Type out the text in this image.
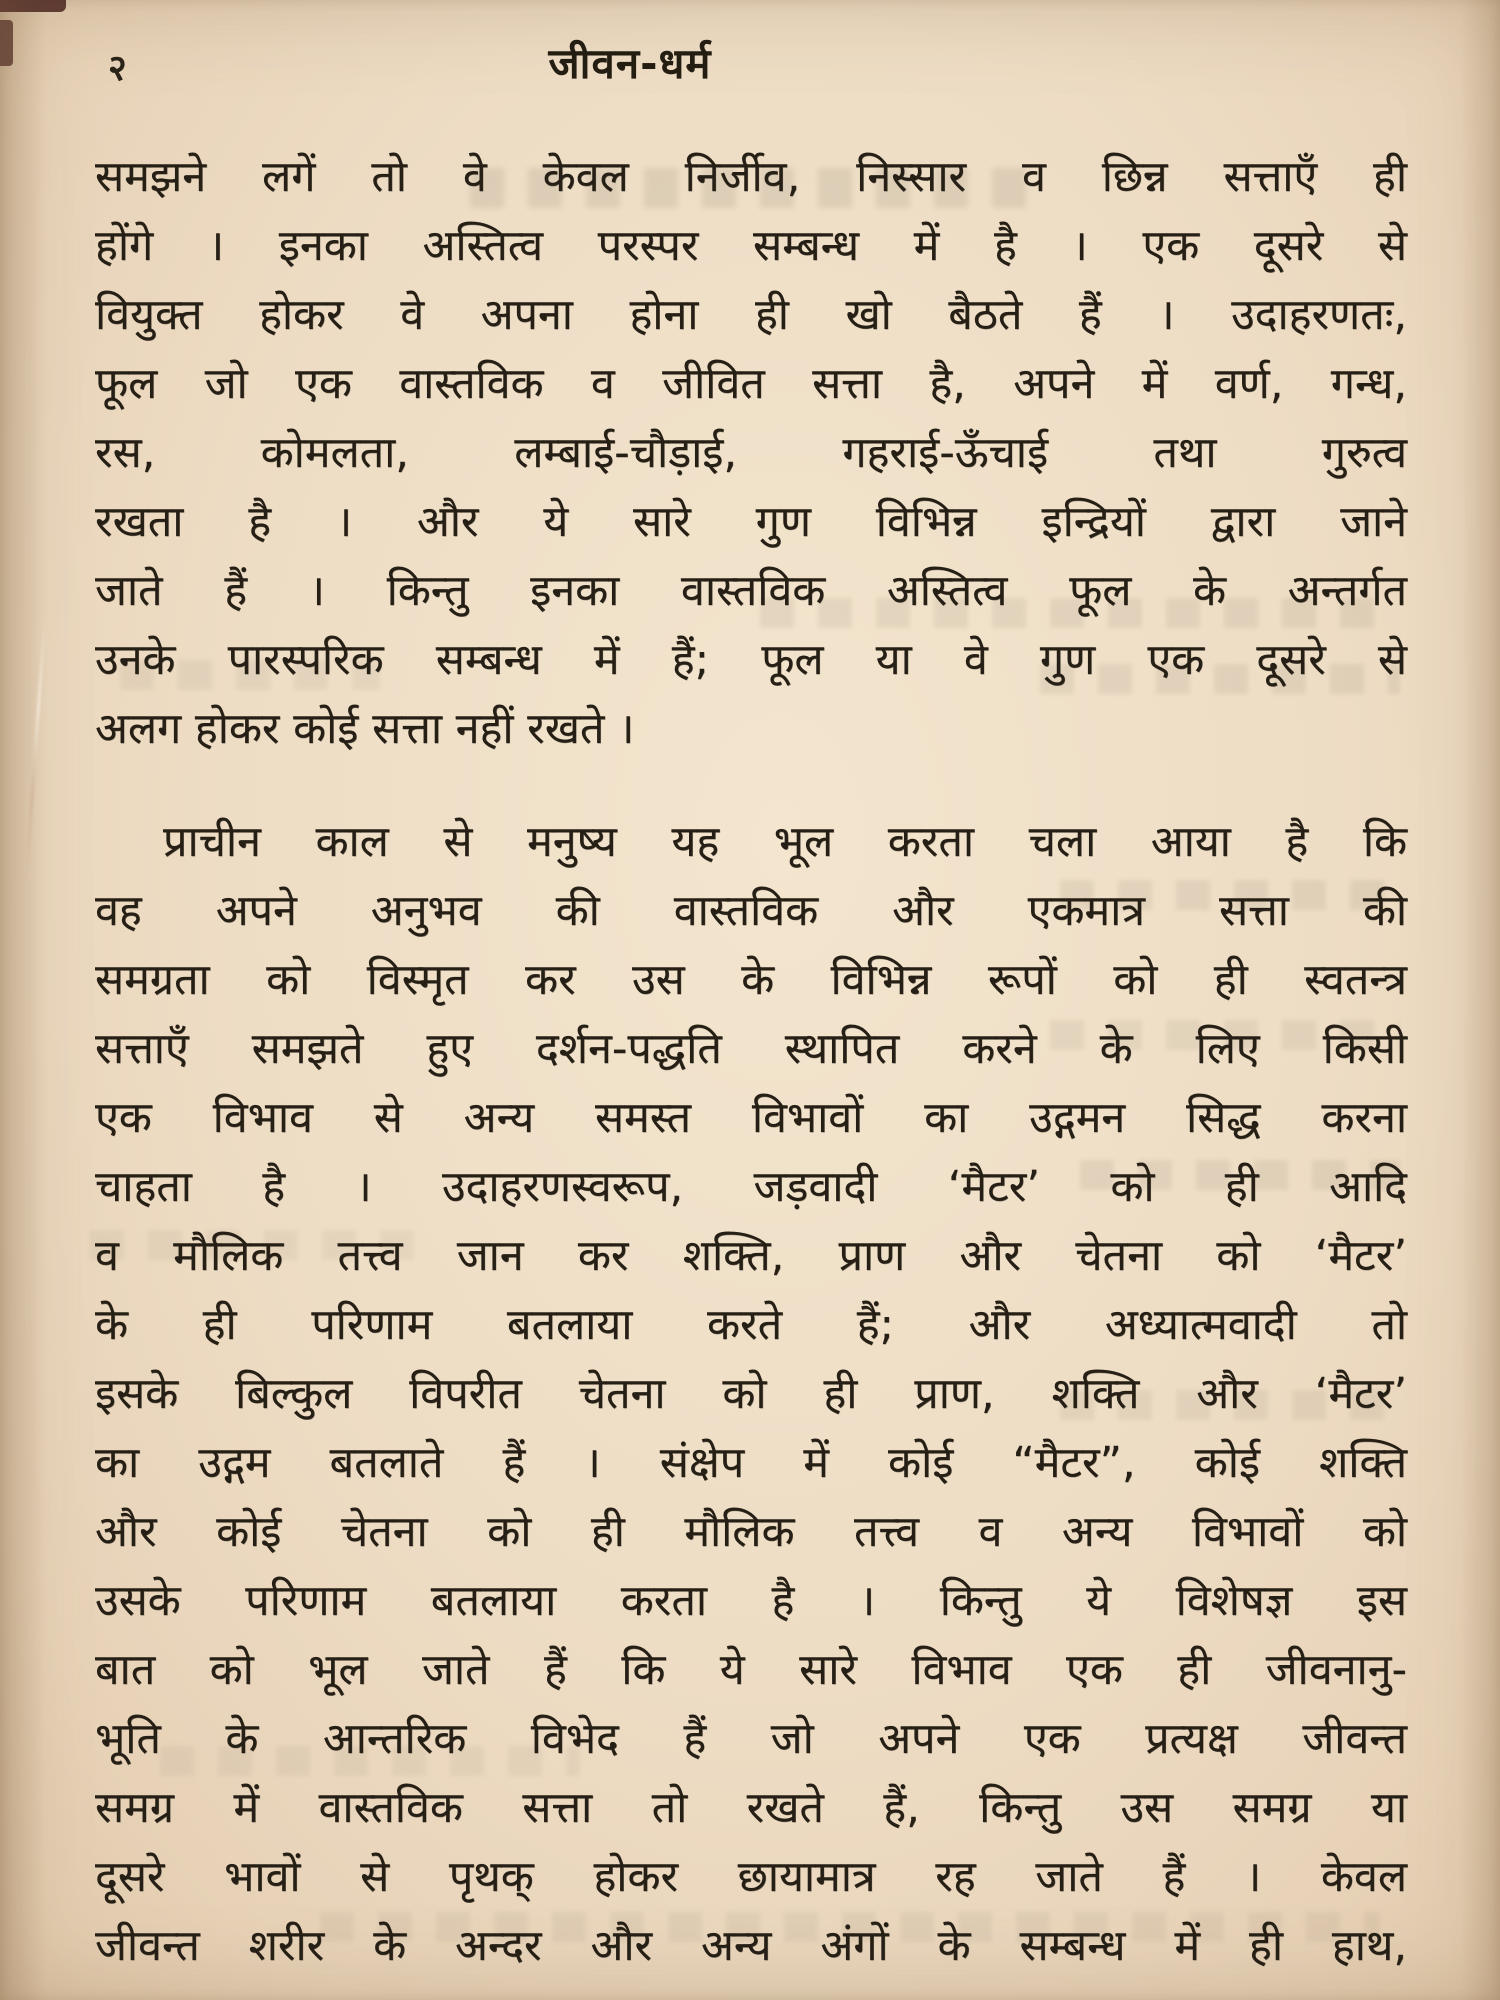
२	जीवन-धर्म
समझने लगें तो वे केवल निर्जीव, निस्सार व छिन्न सत्ताएँ ही
होंगे । इनका अस्तित्व परस्पर सम्बन्ध में है । एक दूसरे से
वियुक्त होकर वे अपना होना ही खो बैठते हैं । उदाहरणतः,
फूल जो एक वास्तविक व जीवित सत्ता है, अपने में वर्ण, गन्ध,
रस, कोमलता, लम्बाई-चौड़ाई, गहराई-ऊँचाई तथा गुरुत्व
रखता है । और ये सारे गुण विभिन्न इन्द्रियों द्वारा जाने
जाते हैं । किन्तु इनका वास्तविक अस्तित्व फूल के अन्तर्गत
उनके पारस्परिक सम्बन्ध में हैं; फूल या वे गुण एक दूसरे से
अलग होकर कोई सत्ता नहीं रखते ।
प्राचीन काल से मनुष्य यह भूल करता चला आया है कि
वह अपने अनुभव की वास्तविक और एकमात्र सत्ता की
समग्रता को विस्मृत कर उस के विभिन्न रूपों को ही स्वतन्त्र
सत्ताएँ समझते हुए दर्शन-पद्धति स्थापित करने के लिए किसी
एक विभाव से अन्य समस्त विभावों का उद्गमन सिद्ध करना
चाहता है । उदाहरणस्वरूप, जड़वादी ‘मैटर’ को ही आदि
व मौलिक तत्त्व जान कर शक्ति, प्राण और चेतना को ‘मैटर’
के ही परिणाम बतलाया करते हैं; और अध्यात्मवादी तो
इसके बिल्कुल विपरीत चेतना को ही प्राण, शक्ति और ‘मैटर’
का उद्गम बतलाते हैं । संक्षेप में कोई “मैटर”, कोई शक्ति
और कोई चेतना को ही मौलिक तत्त्व व अन्य विभावों को
उसके परिणाम बतलाया करता है । किन्तु ये विशेषज्ञ इस
बात को भूल जाते हैं कि ये सारे विभाव एक ही जीवनानु-
भूति के आन्तरिक विभेद हैं जो अपने एक प्रत्यक्ष जीवन्त
समग्र में वास्तविक सत्ता तो रखते हैं, किन्तु उस समग्र या
दूसरे भावों से पृथक् होकर छायामात्र रह जाते हैं । केवल
जीवन्त शरीर के अन्दर और अन्य अंगों के सम्बन्ध में ही हाथ,
